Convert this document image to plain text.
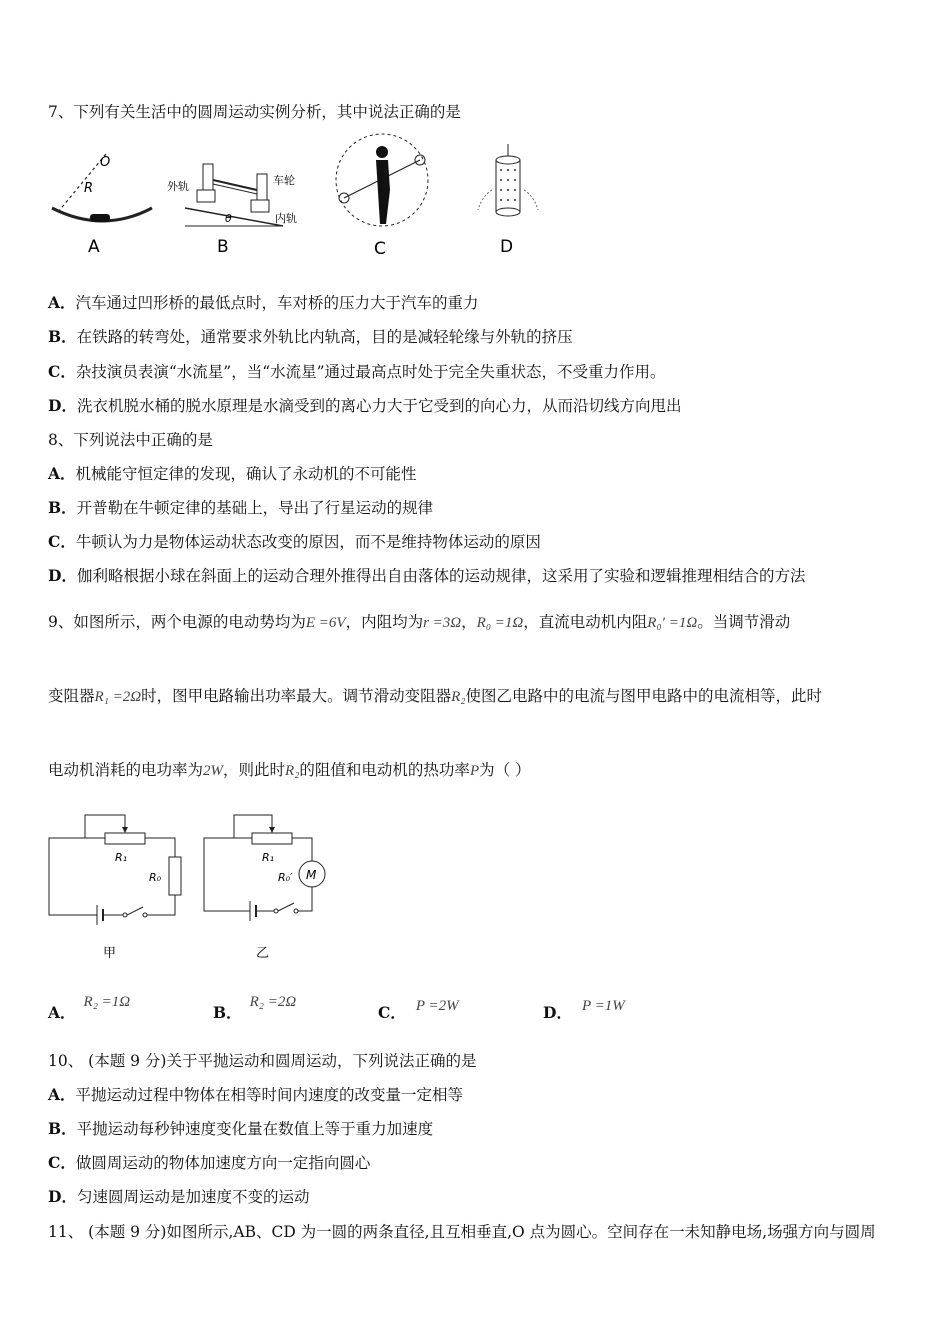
7、下列有关生活中的圆周运动实例分析，其中说法正确的是
O
R
A
外轨	车轮
内轨
θ
B	C	D
A．汽车通过凹形桥的最低点时，车对桥的压力大于汽车的重力
B．在铁路的转弯处，通常要求外轨比内轨高，目的是减轻轮缘与外轨的挤压
C．杂技演员表演“水流星”，当“水流星”通过最高点时处于完全失重状态，不受重力作用。
D．洗衣机脱水桶的脱水原理是水滴受到的离心力大于它受到的向心力，从而沿切线方向甩出
8、下列说法中正确的是
A．机械能守恒定律的发现，确认了永动机的不可能性
B．开普勒在牛顿定律的基础上，导出了行星运动的规律
C．牛顿认为力是物体运动状态改变的原因，而不是维持物体运动的原因
D．伽利略根据小球在斜面上的运动合理外推得出自由落体的运动规律，这采用了实验和逻辑推理相结合的方法
9、如图所示，两个电源的电动势均为E =6V，内阻均为r =3Ω，R₀ =1Ω，直流电动机内阻R₀′ =1Ω。当调节滑动
变阻器R₁ =2Ω时，图甲电路输出功率最大。调节滑动变阻器R₂使图乙电路中的电流与图甲电路中的电流相等，此时
电动机消耗的电功率为2W，则此时R₂的阻值和电动机的热功率P为（ ）
R₁
R₀
甲
M
R₁
R₀′
乙
A．R₂ =1Ω
B．R₂ =2Ω
C． P =2W	D． P =1W
10、 (本题 9 分)关于平抛运动和圆周运动，下列说法正确的是
A．平抛运动过程中物体在相等时间内速度的改变量一定相等
B．平抛运动每秒钟速度变化量在数值上等于重力加速度
C．做圆周运动的物体加速度方向一定指向圆心
D．匀速圆周运动是加速度不变的运动
11、 (本题 9 分)如图所示,AB、CD 为一圆的两条直径,且互相垂直,O 点为圆心。空间存在一未知静电场,场强方向与圆周
